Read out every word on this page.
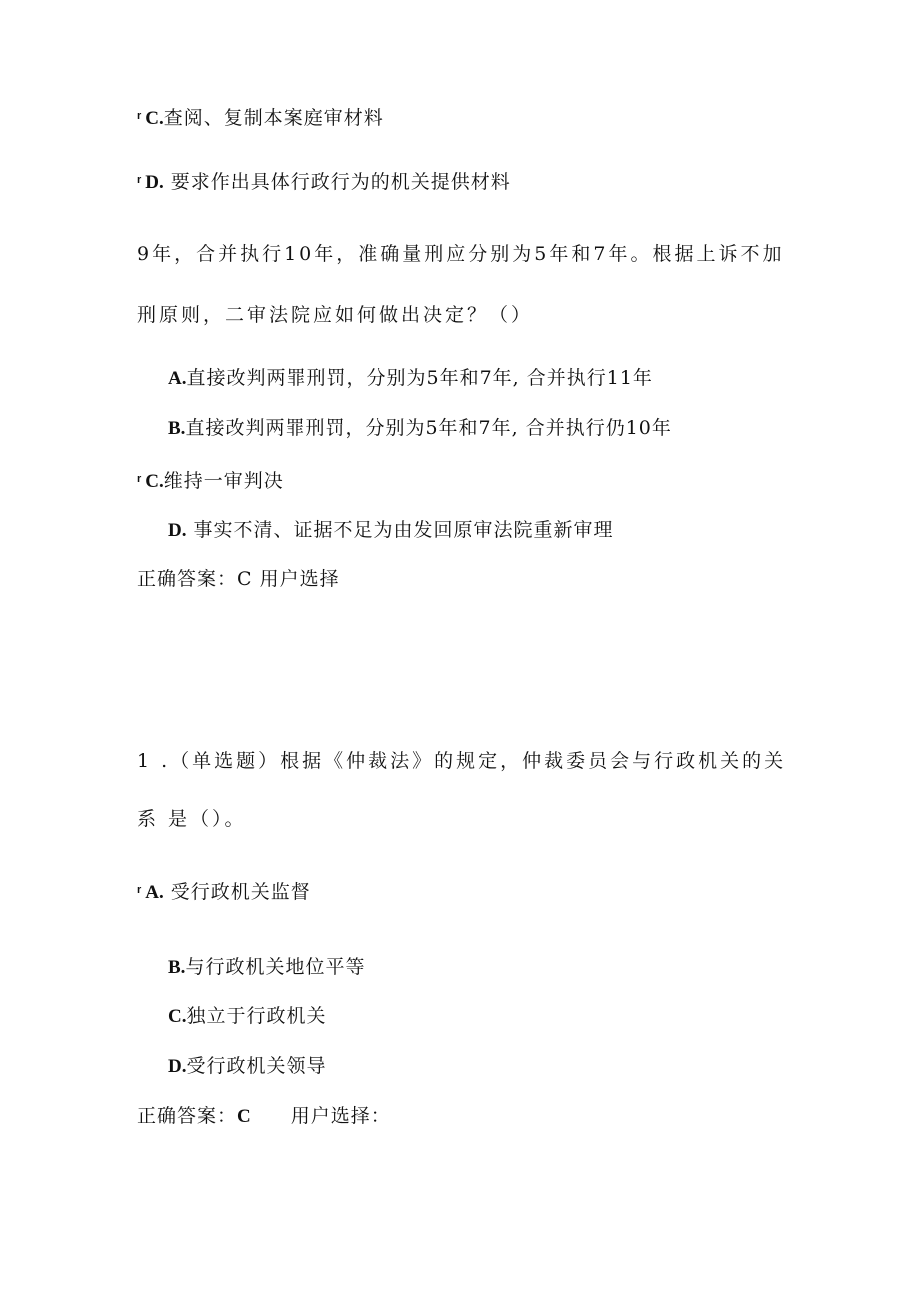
$^r$ C.查阅、复制本案庭审材料
$^r$ D. 要求作出具体行政行为的机关提供材料
9年，合并执行10年，准确量刑应分别为5年和7年。根据上诉不加
刑原则，二审法院应如何做出决定？（）
A.直接改判两罪刑罚，分别为5年和7年, 合并执行11年
B.直接改判两罪刑罚，分别为5年和7年, 合并执行仍10年
$^r$ C.维持一审判决
D. 事实不清、证据不足为由发回原审法院重新审理
正确答案：C 用户选择
1 .（单选题）根据《仲裁法》的规定，仲裁委员会与行政机关的关
系 是（）。
$^r$ A. 受行政机关监督
B.与行政机关地位平等
C.独立于行政机关
D.受行政机关领导
正确答案：C 用户选择：
